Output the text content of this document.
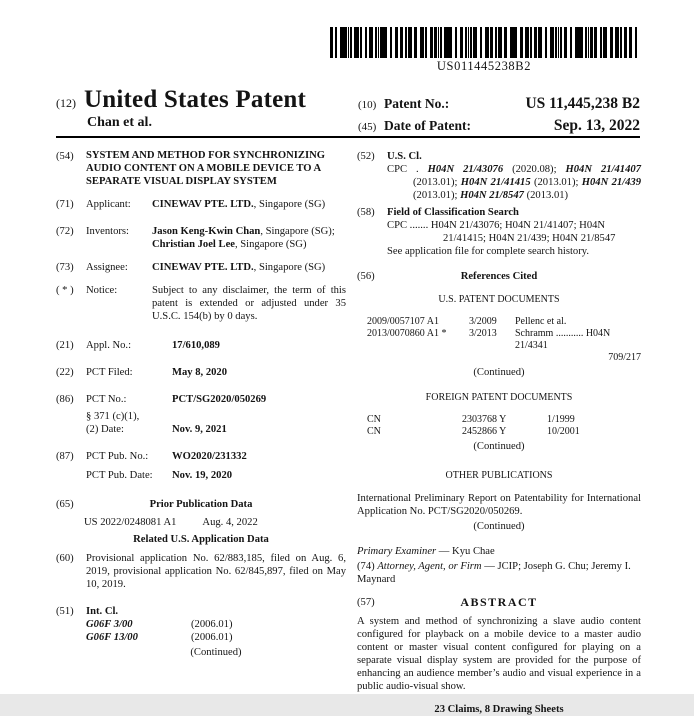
US011445238B2
(12) United States Patent
Chan et al.
(10) Patent No.:	US 11,445,238 B2
(45) Date of Patent:	Sep. 13, 2022
(54)	SYSTEM AND METHOD FOR SYNCHRONIZING AUDIO CONTENT ON A MOBILE DEVICE TO A SEPARATE VISUAL DISPLAY SYSTEM
(71)	Applicant:	CINEWAV PTE. LTD., Singapore (SG)
(72)	Inventors:	Jason Keng-Kwin Chan, Singapore (SG); Christian Joel Lee, Singapore (SG)
(73)	Assignee:	CINEWAV PTE. LTD., Singapore (SG)
( * )	Notice:	Subject to any disclaimer, the term of this patent is extended or adjusted under 35 U.S.C. 154(b) by 0 days.
(21)	Appl. No.:	17/610,089
(22)	PCT Filed:	May 8, 2020
(86)	PCT No.:	PCT/SG2020/050269
§ 371 (c)(1),
(2) Date:	Nov. 9, 2021
(87)	PCT Pub. No.:	WO2020/231332
PCT Pub. Date:	Nov. 19, 2020
(65)	Prior Publication Data
US 2022/0248081 A1 Aug. 4, 2022
Related U.S. Application Data
(60)	Provisional application No. 62/883,185, filed on Aug. 6, 2019, provisional application No. 62/845,897, filed on May 10, 2019.
(51)	Int. Cl.
G06F 3/00	(2006.01)
G06F 13/00	(2006.01)
(Continued)
(52)	U.S. Cl.
CPC . H04N 21/43076 (2020.08); H04N 21/41407 (2013.01); H04N 21/41415 (2013.01); H04N 21/439 (2013.01); H04N 21/8547 (2013.01)
(58)	Field of Classification Search
CPC ....... H04N 21/43076; H04N 21/41407; H04N 21/41415; H04N 21/439; H04N 21/8547
See application file for complete search history.
(56)	References Cited
U.S. PATENT DOCUMENTS
2009/0057107 A1	3/2009	Pellenc et al.
2013/0070860 A1 *	3/2013	Schramm ........... H04N 21/4341
709/217
(Continued)
FOREIGN PATENT DOCUMENTS
CN	2303768 Y	1/1999
CN	2452866 Y	10/2001
(Continued)
OTHER PUBLICATIONS
International Preliminary Report on Patentability for International Application No. PCT/SG2020/050269.
(Continued)
Primary Examiner — Kyu Chae
(74) Attorney, Agent, or Firm — JCIP; Joseph G. Chu; Jeremy I. Maynard
(57)	ABSTRACT
A system and method of synchronizing a slave audio content configured for playback on a mobile device to a master audio content or master visual content configured for playing on a separate visual display system are provided for the purpose of enhancing an audience member’s audio and visual experience in a public audio-visual show.
23 Claims, 8 Drawing Sheets
